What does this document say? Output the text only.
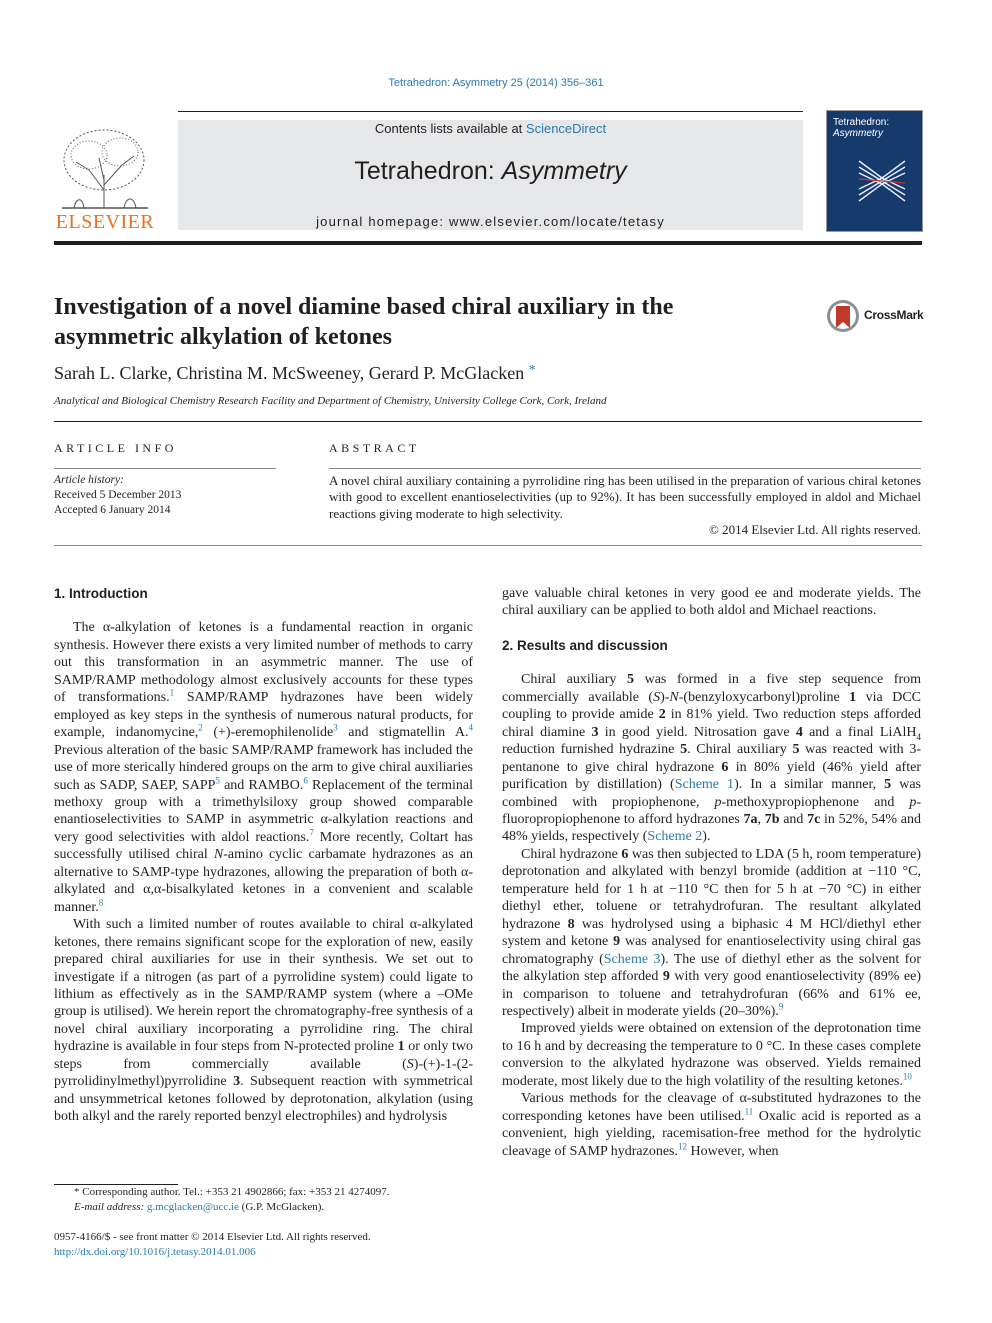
Tetrahedron: Asymmetry 25 (2014) 356–361
ELSEVIER
Contents lists available at ScienceDirect
Tetrahedron: Asymmetry
journal homepage: www.elsevier.com/locate/tetasy
Tetrahedron:
Asymmetry
Investigation of a novel diamine based chiral auxiliary in the asymmetric alkylation of ketones
CrossMark
Sarah L. Clarke, Christina M. McSweeney, Gerard P. McGlacken *
Analytical and Biological Chemistry Research Facility and Department of Chemistry, University College Cork, Cork, Ireland
ARTICLE INFO	ABSTRACT
Article history:
Received 5 December 2013
Accepted 6 January 2014
A novel chiral auxiliary containing a pyrrolidine ring has been utilised in the preparation of various chiral ketones with good to excellent enantioselectivities (up to 92%). It has been successfully employed in aldol and Michael reactions giving moderate to high selectivity.
© 2014 Elsevier Ltd. All rights reserved.
1. Introduction

The α-alkylation of ketones is a fundamental reaction in organic synthesis. However there exists a very limited number of methods to carry out this transformation in an asymmetric manner. The use of SAMP/RAMP methodology almost exclusively accounts for these types of transformations.$^1$ SAMP/RAMP hydrazones have been widely employed as key steps in the synthesis of numerous natural products, for example, indanomycine,$^2$ (+)-eremophilenolide$^3$ and stigmatellin A.$^4$ Previous alteration of the basic SAMP/RAMP framework has included the use of more sterically hindered groups on the arm to give chiral auxiliaries such as SADP, SAEP, SAPP$^5$ and RAMBO.$^6$ Replacement of the terminal methoxy group with a trimethylsiloxy group showed comparable enantioselectivities to SAMP in asymmetric α-alkylation reactions and very good selectivities with aldol reactions.$^7$ More recently, Coltart has successfully utilised chiral N-amino cyclic carbamate hydrazones as an alternative to SAMP-type hydrazones, allowing the preparation of both α-alkylated and α,α-bisalkylated ketones in a convenient and scalable manner.$^8$

With such a limited number of routes available to chiral α-alkylated ketones, there remains significant scope for the exploration of new, easily prepared chiral auxiliaries for use in their synthesis. We set out to investigate if a nitrogen (as part of a pyrrolidine system) could ligate to lithium as effectively as in the SAMP/RAMP system (where a –OMe group is utilised). We herein report the chromatography-free synthesis of a novel chiral auxiliary incorporating a pyrrolidine ring. The chiral hydrazine is available in four steps from N-protected proline 1 or only two steps from commercially available (S)-(+)-1-(2-pyrrolidinylmethyl)pyrrolidine 3. Subsequent reaction with symmetrical and unsymmetrical ketones followed by deprotonation, alkylation (using both alkyl and the rarely reported benzyl electrophiles) and hydrolysis

gave valuable chiral ketones in very good ee and moderate yields. The chiral auxiliary can be applied to both aldol and Michael reactions.

2. Results and discussion

Chiral auxiliary 5 was formed in a five step sequence from commercially available (S)-N-(benzyloxycarbonyl)proline 1 via DCC coupling to provide amide 2 in 81% yield. Two reduction steps afforded chiral diamine 3 in good yield. Nitrosation gave 4 and a final LiAlH$_4$ reduction furnished hydrazine 5. Chiral auxiliary 5 was reacted with 3-pentanone to give chiral hydrazone 6 in 80% yield (46% yield after purification by distillation) (Scheme 1). In a similar manner, 5 was combined with propiophenone, p-methoxypropiophenone and p-fluoropropiophenone to afford hydrazones 7a, 7b and 7c in 52%, 54% and 48% yields, respectively (Scheme 2).

Chiral hydrazone 6 was then subjected to LDA (5 h, room temperature) deprotonation and alkylated with benzyl bromide (addition at −110 °C, temperature held for 1 h at −110 °C then for 5 h at −70 °C) in either diethyl ether, toluene or tetrahydrofuran. The resultant alkylated hydrazone 8 was hydrolysed using a biphasic 4 M HCl/diethyl ether system and ketone 9 was analysed for enantioselectivity using chiral gas chromatography (Scheme 3). The use of diethyl ether as the solvent for the alkylation step afforded 9 with very good enantioselectivity (89% ee) in comparison to toluene and tetrahydrofuran (66% and 61% ee, respectively) albeit in moderate yields (20–30%).$^9$

Improved yields were obtained on extension of the deprotonation time to 16 h and by decreasing the temperature to 0 °C. In these cases complete conversion to the alkylated hydrazone was observed. Yields remained moderate, most likely due to the high volatility of the resulting ketones.$^{10}$

Various methods for the cleavage of α-substituted hydrazones to the corresponding ketones have been utilised.$^{11}$ Oxalic acid is reported as a convenient, high yielding, racemisation-free method for the hydrolytic cleavage of SAMP hydrazones.$^{12}$ However, when

* Corresponding author. Tel.: +353 21 4902866; fax: +353 21 4274097.
E-mail address: g.mcglacken@ucc.ie (G.P. McGlacken).
0957-4166/$ - see front matter © 2014 Elsevier Ltd. All rights reserved.
http://dx.doi.org/10.1016/j.tetasy.2014.01.006
